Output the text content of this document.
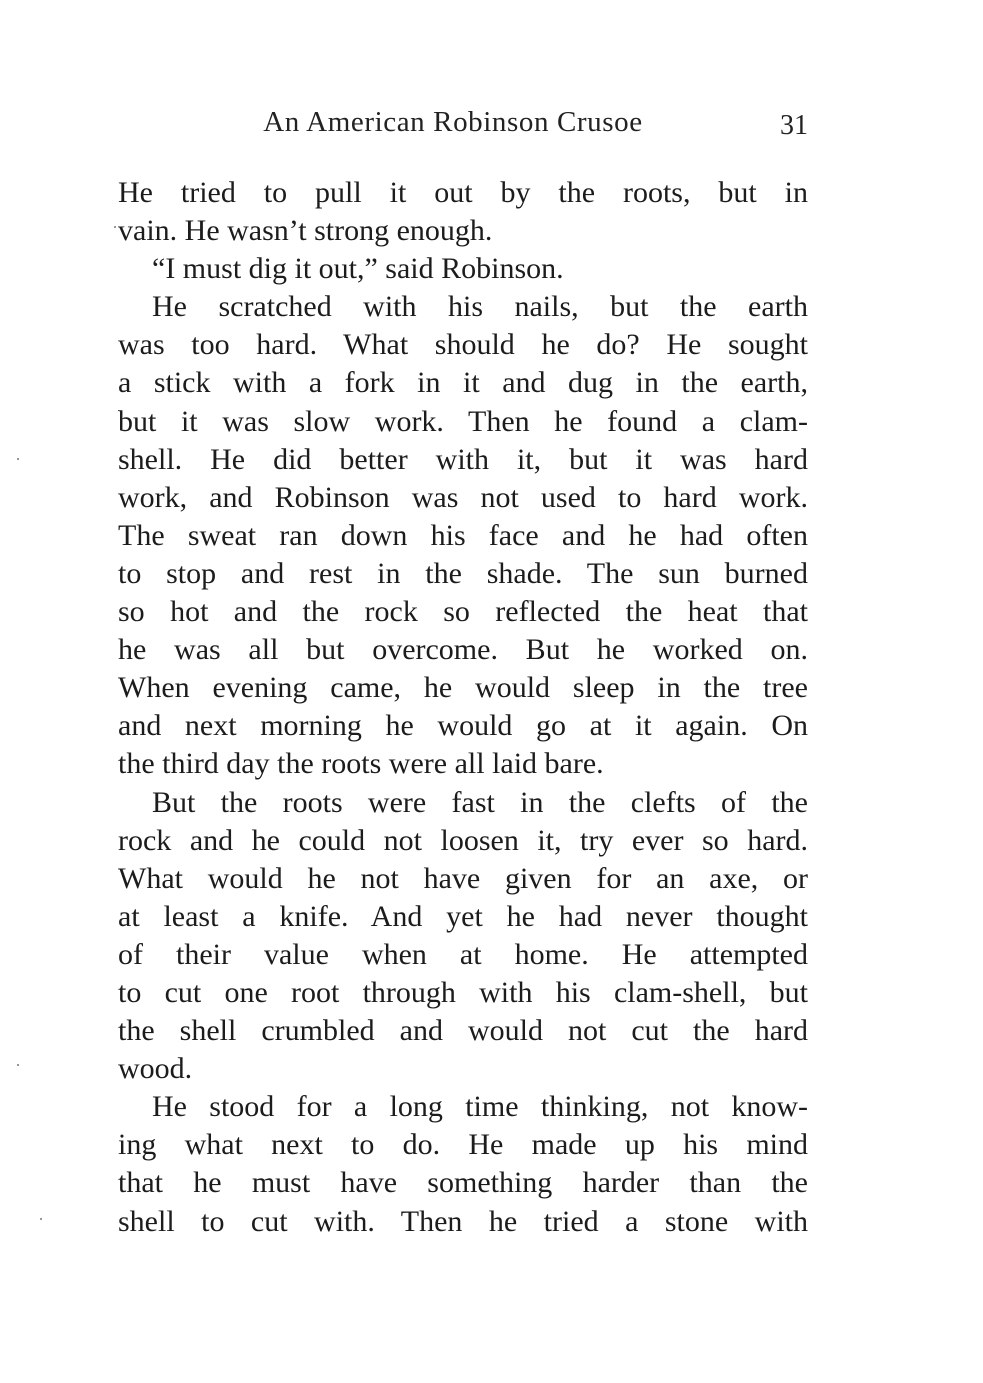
An American Robinson Crusoe	31

He tried to pull it out by the roots, but in
vain. He wasn’t strong enough.

“I must dig it out,” said Robinson.

He scratched with his nails, but the earth
was too hard. What should he do? He sought
a stick with a fork in it and dug in the earth,
but it was slow work. Then he found a clam-
shell. He did better with it, but it was hard
work, and Robinson was not used to hard work.
The sweat ran down his face and he had often
to stop and rest in the shade. The sun burned
so hot and the rock so reflected the heat that
he was all but overcome. But he worked on.
When evening came, he would sleep in the tree
and next morning he would go at it again. On
the third day the roots were all laid bare.

But the roots were fast in the clefts of the
rock and he could not loosen it, try ever so hard.
What would he not have given for an axe, or
at least a knife. And yet he had never thought
of their value when at home. He attempted
to cut one root through with his clam-shell, but
the shell crumbled and would not cut the hard
wood.

He stood for a long time thinking, not know-
ing what next to do. He made up his mind
that he must have something harder than the
shell to cut with. Then he tried a stone with
